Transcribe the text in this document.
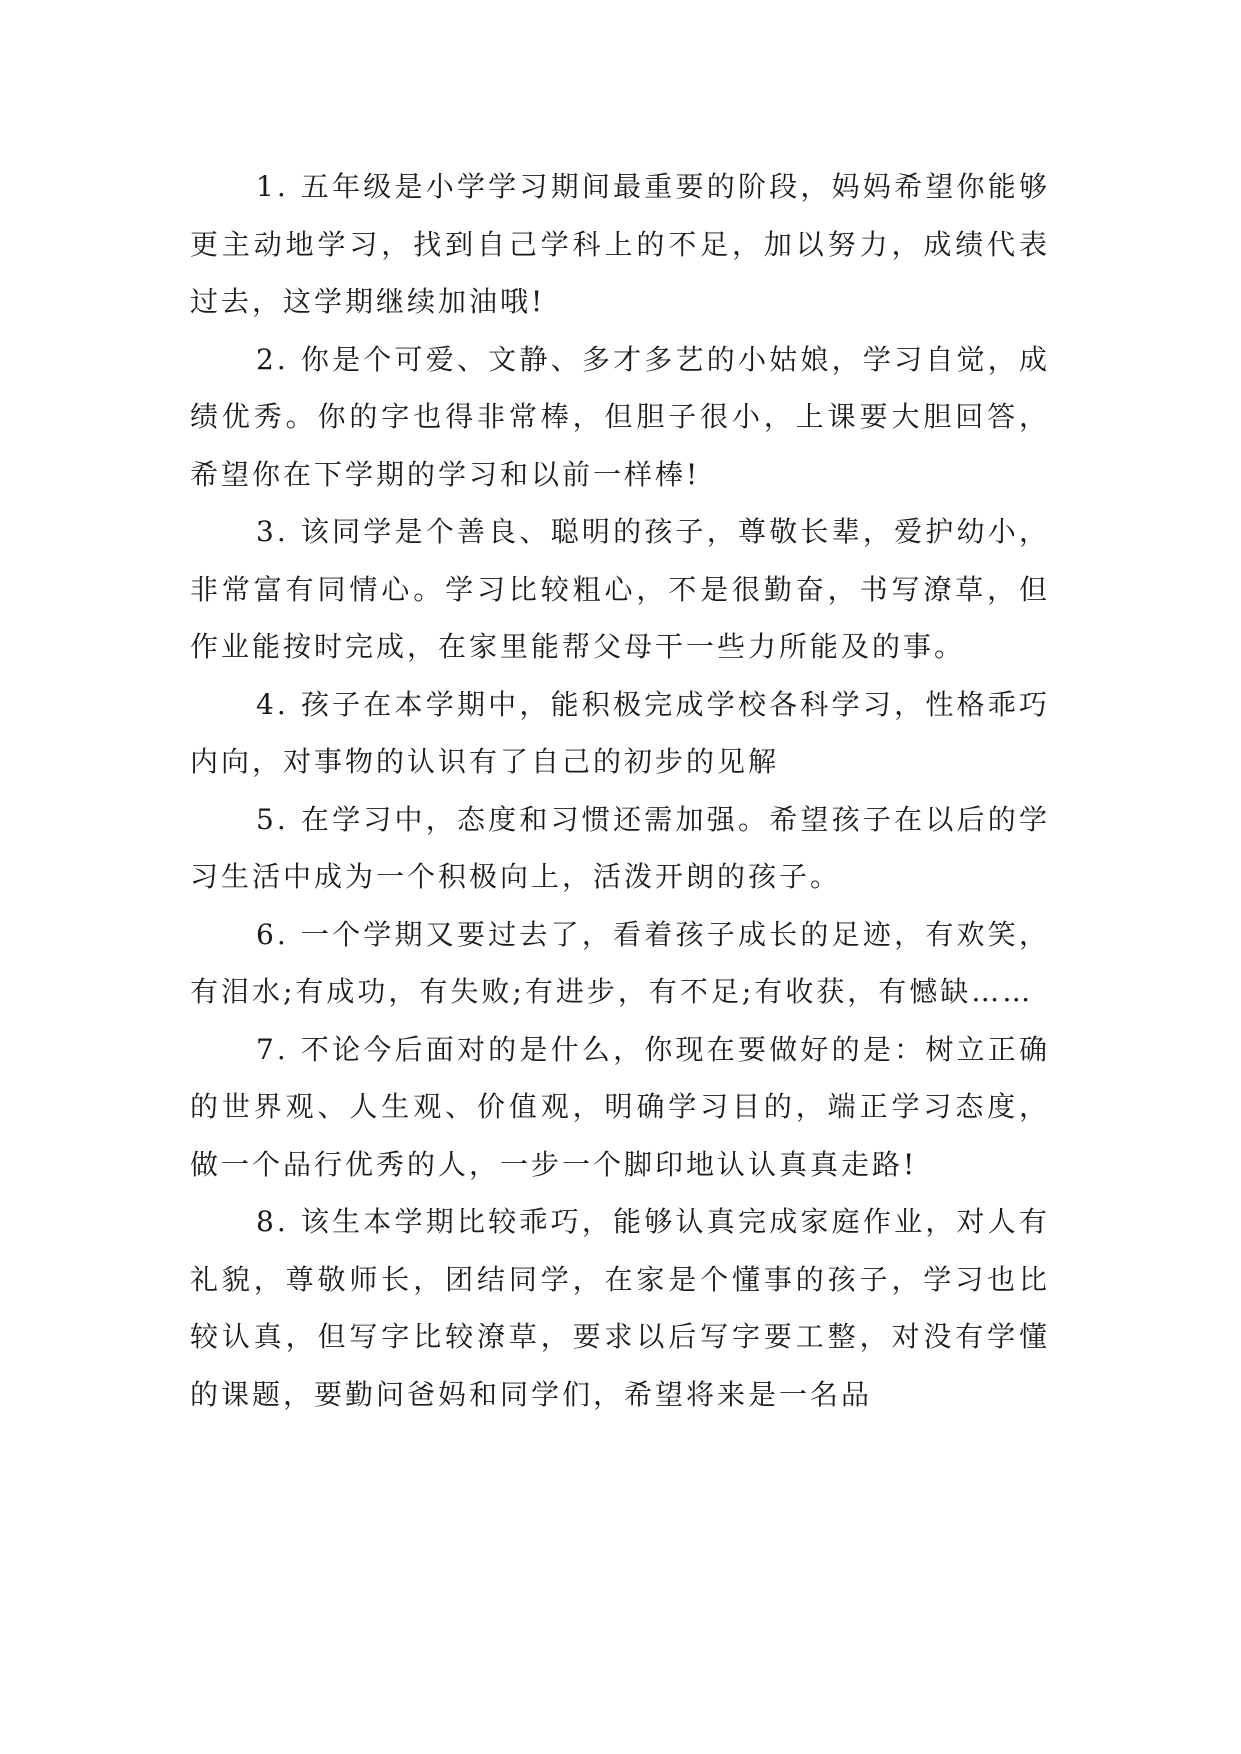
1. 五年级是小学学习期间最重要的阶段，妈妈希望你能够更主动地学习，找到自己学科上的不足，加以努力，成绩代表过去，这学期继续加油哦!

2. 你是个可爱、文静、多才多艺的小姑娘，学习自觉，成绩优秀。你的字也得非常棒，但胆子很小，上课要大胆回答，希望你在下学期的学习和以前一样棒!

3. 该同学是个善良、聪明的孩子，尊敬长辈，爱护幼小，非常富有同情心。学习比较粗心，不是很勤奋，书写潦草，但作业能按时完成，在家里能帮父母干一些力所能及的事。

4. 孩子在本学期中，能积极完成学校各科学习，性格乖巧内向，对事物的认识有了自己的初步的见解

5. 在学习中，态度和习惯还需加强。希望孩子在以后的学习生活中成为一个积极向上，活泼开朗的孩子。

6. 一个学期又要过去了，看着孩子成长的足迹，有欢笑，有泪水;有成功，有失败;有进步，有不足;有收获，有憾缺……

7. 不论今后面对的是什么，你现在要做好的是：树立正确的世界观、人生观、价值观，明确学习目的，端正学习态度，做一个品行优秀的人，一步一个脚印地认认真真走路!

8. 该生本学期比较乖巧，能够认真完成家庭作业，对人有礼貌，尊敬师长，团结同学，在家是个懂事的孩子，学习也比较认真，但写字比较潦草，要求以后写字要工整，对没有学懂的课题，要勤问爸妈和同学们，希望将来是一名品
